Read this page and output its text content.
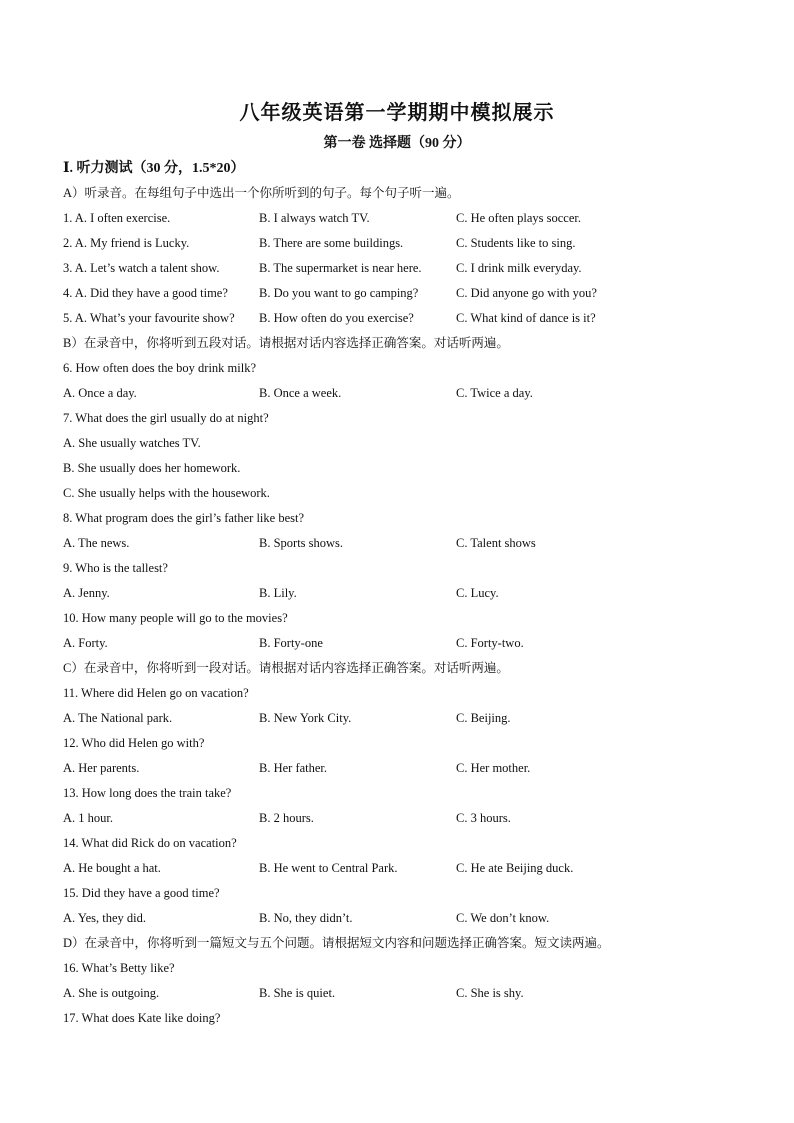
八年级英语第一学期期中模拟展示
第一卷 选择题（90 分）
Ⅰ. 听力测试（30 分，1.5*20）
A）听录音。在每组句子中选出一个你所听到的句子。每个句子听一遍。
1. A. I often exercise.	B. I always watch TV.	C. He often plays soccer.
2. A. My friend is Lucky.	B. There are some buildings.	C. Students like to sing.
3. A. Let’s watch a talent show.	B. The supermarket is near here.	C. I drink milk everyday.
4. A. Did they have a good time? B. Do you want to go camping?	C. Did anyone go with you?
5. A. What’s your favourite show? B. How often do you exercise?	C. What kind of dance is it?
B）在录音中，你将听到五段对话。请根据对话内容选择正确答案。对话听两遍。
6. How often does the boy drink milk?
A. Once a day.	B. Once a week.	C. Twice a day.
7. What does the girl usually do at night?
A. She usually watches TV.
B. She usually does her homework.
C. She usually helps with the housework.
8. What program does the girl’s father like best?
A. The news.	B. Sports shows.	C. Talent shows
9. Who is the tallest?
A. Jenny.	B. Lily.	C. Lucy.
10. How many people will go to the movies?
A. Forty.	B. Forty-one	C. Forty-two.
C）在录音中，你将听到一段对话。请根据对话内容选择正确答案。对话听两遍。
11. Where did Helen go on vacation?
A. The National park.	B. New York City.	C. Beijing.
12. Who did Helen go with?
A. Her parents.	B. Her father.	C. Her mother.
13. How long does the train take?
A. 1 hour.	B. 2 hours.	C. 3 hours.
14. What did Rick do on vacation?
A. He bought a hat.	B. He went to Central Park.	C. He ate Beijing duck.
15. Did they have a good time?
A. Yes, they did.	B. No, they didn’t.	C. We don’t know.
D）在录音中，你将听到一篇短文与五个问题。请根据短文内容和问题选择正确答案。短文读两遍。
16. What’s Betty like?
A. She is outgoing.	B. She is quiet.	C. She is shy.
17. What does Kate like doing?
